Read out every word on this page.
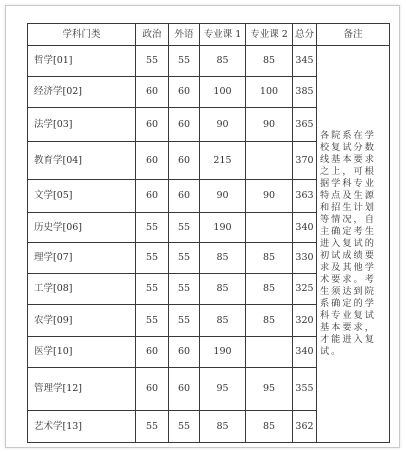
学科门类	政治	外语	专业课 1	专业课 2	总分	备注
哲学[01]	55	55	85	85	345	各院系在学校复试分数线基本要求之上，可根据学科专业特点及生源和招生计划等情况，自主确定考生进入复试的初试成绩要求及其他学术要求。考生须达到院系确定的学科专业复试基本要求，才能进入复试。
经济学[02]	60	60	100	100	385	
法学[03]	60	60	90	90	365	
教育学[04]	60	60	215		370	
文学[05]	60	60	90	90	363	
历史学[06]	55	55	190		340	
理学[07]	55	55	85	85	330	
工学[08]	55	55	85	85	325	
农学[09]	55	55	85	85	320	
医学[10]	60	60	190		340	
管理学[12]	60	60	95	95	355	
艺术学[13]	55	55	85	85	362	
